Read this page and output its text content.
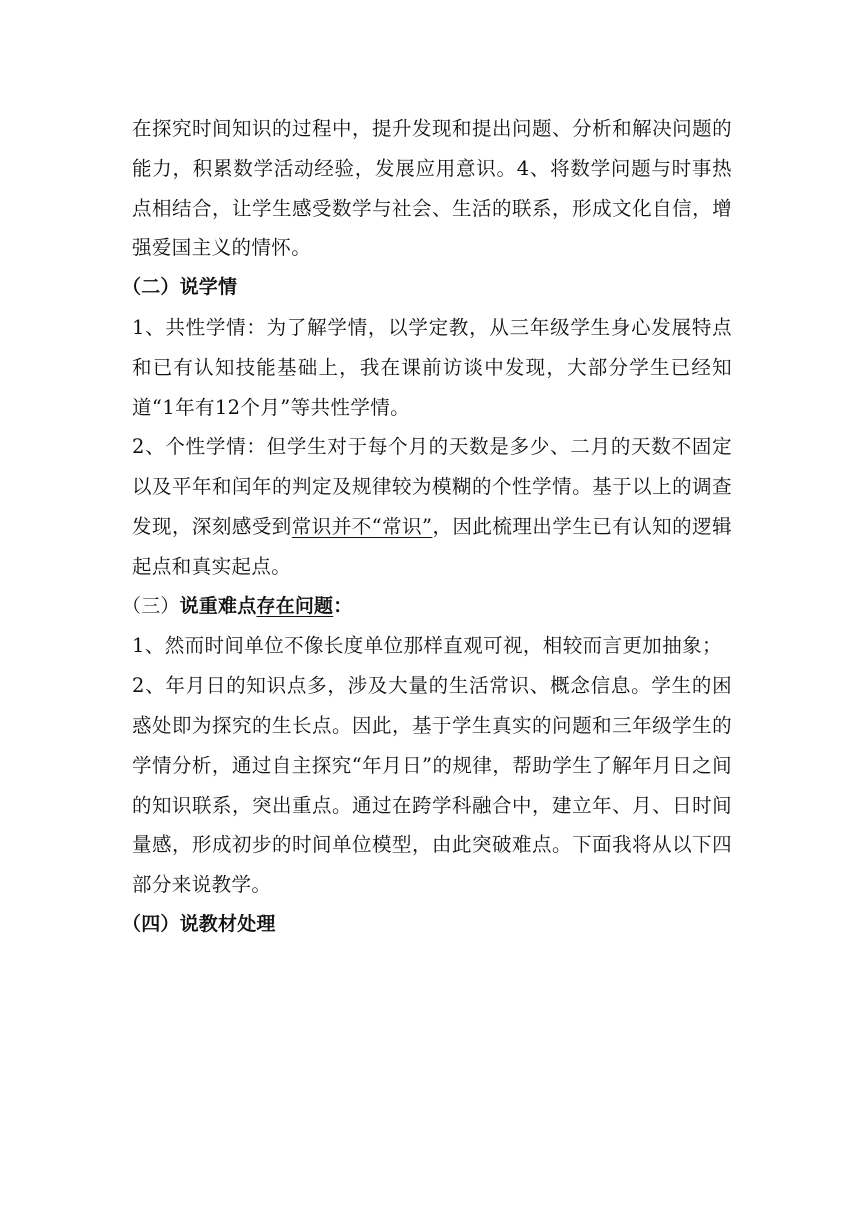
在探究时间知识的过程中，提升发现和提出问题、分析和解决问题的能力，积累数学活动经验，发展应用意识。4、将数学问题与时事热点相结合，让学生感受数学与社会、生活的联系，形成文化自信，增强爱国主义的情怀。

（二）说学情

1、共性学情：为了解学情，以学定教，从三年级学生身心发展特点和已有认知技能基础上，我在课前访谈中发现，大部分学生已经知道“1年有12个月”等共性学情。

2、个性学情：但学生对于每个月的天数是多少、二月的天数不固定以及平年和闰年的判定及规律较为模糊的个性学情。基于以上的调查发现，深刻感受到常识并不“常识”，因此梳理出学生已有认知的逻辑起点和真实起点。

（三）说重难点存在问题：

1、然而时间单位不像长度单位那样直观可视，相较而言更加抽象；

2、年月日的知识点多，涉及大量的生活常识、概念信息。学生的困惑处即为探究的生长点。因此，基于学生真实的问题和三年级学生的学情分析，通过自主探究“年月日”的规律，帮助学生了解年月日之间的知识联系，突出重点。通过在跨学科融合中，建立年、月、日时间量感，形成初步的时间单位模型，由此突破难点。下面我将从以下四部分来说教学。

（四）说教材处理
